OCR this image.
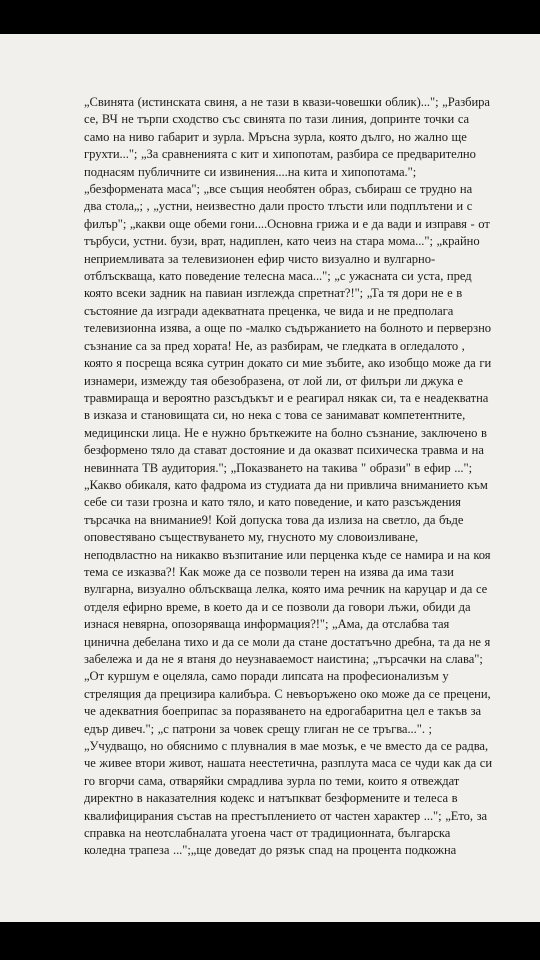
„Свинята (истинската свиня, а не тази в квази-човешки облик)..."; „Разбира
се, ВЧ не търпи сходство със свинята по тази линия, допринте точки са
само на ниво габарит и зурла. Мръсна зурла, която дълго, но жално ще
грухти..."; „За сравненията с кит и хипопотам, разбира се предварително
поднасям публичните си извинения....на кита и хипопотама.";
„безформената маса"; „все същия необятен образ, събираш се трудно на
два стола„; , „устни, неизвестно дали просто тлъсти или подплътени и с
филър"; „какви още обеми гони....Основна грижа и е да вади и изправя - от
търбуси, устни. бузи, врат, надиплен, като чеиз на стара мома..."; „крайно
неприемливата за телевизионен ефир чисто визуално и вулгарно-
отблъскваща, като поведение телесна маса..."; „с ужасната си уста, пред
която всеки задник на павиан изглежда спретнат?!"; „Та тя дори не е в
състояние да изгради адекватната преценка, че вида и не предполага
телевизионна изява, а още по -малко съдържанието на болното и перверзно
съзнание са за пред хората! Не, аз разбирам, че гледката в огледалото ,
която я посреща всяка сутрин докато си мие зъбите, ако изобщо може да ги
изнамери, измежду тая обезобразена, от лой ли, от филъри ли джука е
травмираща и вероятно разсъдъкът и е реагирал някак си, та е неадекватна
в изказа и становищата си, но нека с това се занимават компетентните,
медицински лица. Не е нужно бръткежите на болно съзнание, заключено в
безформено тяло да стават достояние и да оказват психическа травма и на
невинната ТВ аудитория."; „Показването на такива " образи" в ефир ...";
„Какво обикаля, като фадрома из студиата да ни привлича вниманието към
себе си тази грозна и като тяло, и като поведение, и като разсъждения
търсачка на внимание9! Кой допуска това да излиза на светло, да бъде
оповестявано съществуването му, гнусното му словоизливане,
неподвластно на никакво възпитание или перценка къде се намира и на коя
тема се изказва?! Как може да се позволи терен на изява да има тази
вулгарна, визуално облъскваща лелка, която има речник на каруцар и да се
отделя ефирно време, в което да и се позволи да говори лъжи, обиди да
изнася невярна, опозоряваща информация?!"; „Ама, да отслабва тая
цинична дебелана тихо и да се моли да стане достатъчно дребна, та да не я
забележа и да не я втаня до неузнаваемост наистина; „търсачки на слава";
„От куршум е оцеляла, само поради липсата на професионализъм у
стрелящия да прецизира калибъра. С невъоръжено око може да се прецени,
че адекватния боеприпас за поразяването на едрогабаритна цел е такъв за
едър дивеч."; „с патрони за човек срещу глиган не се тръгва...". ;
„Учудващо, но обяснимо с плувналия в мае мозък, е че вместо да се радва,
че живее втори живот, нашата неестетична, разплута маса се чуди как да си
го вгорчи сама, отваряйки смрадлива зурла по теми, които я отвеждат
директно в наказателния кодекс и натъпкват безформените и телеса в
квалифицирания състав на престъплението от частен характер ..."; „Ето, за
справка на неотслабналата угоена част от традиционната, българска
коледна трапеза ...";„ще доведат до рязък спад на процента подкожна
